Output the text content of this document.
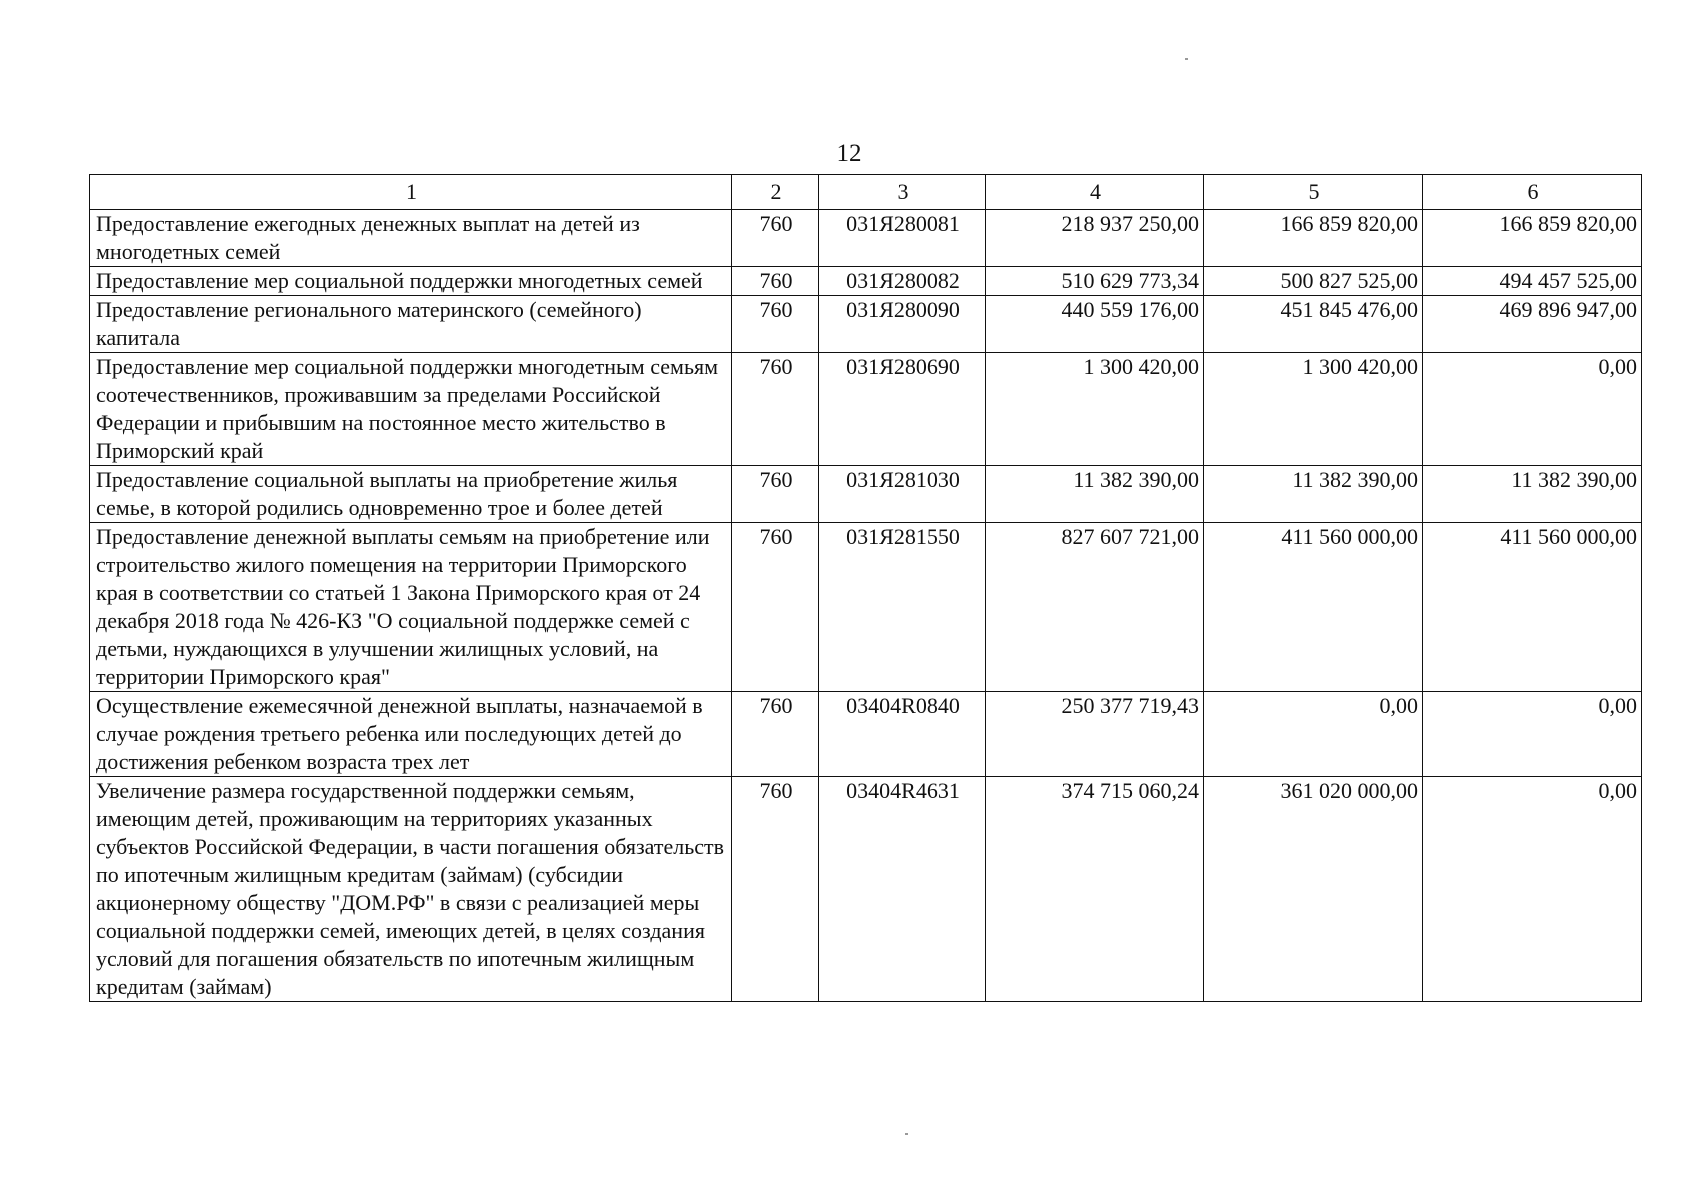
12
1	2	3	4	5	6
Предоставление ежегодных денежных выплат на детей из многодетных семей	760	031Я280081	218 937 250,00	166 859 820,00	166 859 820,00
Предоставление мер социальной поддержки многодетных семей	760	031Я280082	510 629 773,34	500 827 525,00	494 457 525,00
Предоставление регионального материнского (семейного) капитала	760	031Я280090	440 559 176,00	451 845 476,00	469 896 947,00
Предоставление мер социальной поддержки многодетным семьям соотечественников, проживавшим за пределами Российской Федерации и прибывшим на постоянное место жительство в Приморский край	760	031Я280690	1 300 420,00	1 300 420,00	0,00
Предоставление социальной выплаты на приобретение жилья семье, в которой родились одновременно трое и более детей	760	031Я281030	11 382 390,00	11 382 390,00	11 382 390,00
Предоставление денежной выплаты семьям на приобретение или строительство жилого помещения на территории Приморского края в соответствии со статьей 1 Закона Приморского края от 24 декабря 2018 года № 426-КЗ "О социальной поддержке семей с детьми, нуждающихся в улучшении жилищных условий, на территории Приморского края"	760	031Я281550	827 607 721,00	411 560 000,00	411 560 000,00
Осуществление ежемесячной денежной выплаты, назначаемой в случае рождения третьего ребенка или последующих детей до достижения ребенком возраста трех лет	760	03404R0840	250 377 719,43	0,00	0,00
Увеличение размера государственной поддержки семьям, имеющим детей, проживающим на территориях указанных субъектов Российской Федерации, в части погашения обязательств по ипотечным жилищным кредитам (займам) (субсидии акционерному обществу "ДОМ.РФ" в связи с реализацией меры социальной поддержки семей, имеющих детей, в целях создания условий для погашения обязательств по ипотечным жилищным кредитам (займам)	760	03404R4631	374 715 060,24	361 020 000,00	0,00
